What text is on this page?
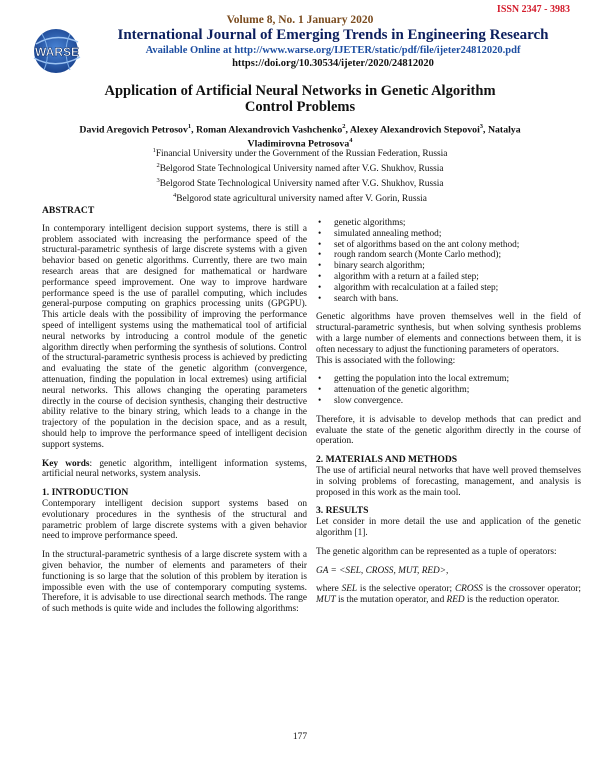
ISSN 2347 - 3983
Volume 8, No. 1 January 2020
WARSE
International Journal of Emerging Trends in Engineering Research
Available Online at http://www.warse.org/IJETER/static/pdf/file/ijeter24812020.pdf
https://doi.org/10.30534/ijeter/2020/24812020
Application of Artificial Neural Networks in Genetic Algorithm
Control Problems
David Aregovich Petrosov$^1$, Roman Alexandrovich Vashchenko$^2$, Alexey Alexandrovich Stepovoi$^3$, Natalya Vladimirovna Petrosova$^4$
$^1$Financial University under the Government of the Russian Federation, Russia
$^2$Belgorod State Technological University named after V.G. Shukhov, Russia
$^3$Belgorod State Technological University named after V.G. Shukhov, Russia
$^4$Belgorod state agricultural university named after V. Gorin, Russia
ABSTRACT

In contemporary intelligent decision support systems, there is still a problem associated with increasing the performance speed of the structural-parametric synthesis of large discrete systems with a given behavior based on genetic algorithms. Currently, there are two main research areas that are designed for mathematical or hardware performance speed improvement. One way to improve hardware performance speed is the use of parallel computing, which includes general-purpose computing on graphics processing units (GPGPU). This article deals with the possibility of improving the performance speed of intelligent systems using the mathematical tool of artificial neural networks by introducing a control module of the genetic algorithm directly when performing the synthesis of solutions. Control of the structural-parametric synthesis process is achieved by predicting and evaluating the state of the genetic algorithm (convergence, attenuation, finding the population in local extremes) using artificial neural networks. This allows changing the operating parameters directly in the course of decision synthesis, changing their destructive ability relative to the binary string, which leads to a change in the trajectory of the population in the decision space, and as a result, should help to improve the performance speed of intelligent decision support systems.

Key words: genetic algorithm, intelligent information systems, artificial neural networks, system analysis.

1. INTRODUCTION

Contemporary intelligent decision support systems based on evolutionary procedures in the synthesis of the structural and parametric problem of large discrete systems with a given behavior need to improve performance speed.

In the structural-parametric synthesis of a large discrete system with a given behavior, the number of elements and parameters of their functioning is so large that the solution of this problem by iteration is impossible even with the use of contemporary computing systems. Therefore, it is advisable to use directional search methods. The range of such methods is quite wide and includes the following algorithms:

• genetic algorithms;
• simulated annealing method;
• set of algorithms based on the ant colony method;
• rough random search (Monte Carlo method);
• binary search algorithm;
• algorithm with a return at a failed step;
• algorithm with recalculation at a failed step;
• search with bans.

Genetic algorithms have proven themselves well in the field of structural-parametric synthesis, but when solving synthesis problems with a large number of elements and connections between them, it is often necessary to adjust the functioning parameters of operators.

This is associated with the following:

• getting the population into the local extremum;
• attenuation of the genetic algorithm;
• slow convergence.

Therefore, it is advisable to develop methods that can predict and evaluate the state of the genetic algorithm directly in the course of operation.

2. MATERIALS AND METHODS

The use of artificial neural networks that have well proved themselves in solving problems of forecasting, management, and analysis is proposed in this work as the main tool.

3. RESULTS

Let consider in more detail the use and application of the genetic algorithm [1].

The genetic algorithm can be represented as a tuple of operators:

GA = <SEL, CROSS, MUT, RED>,

where SEL is the selective operator; CROSS is the crossover operator; MUT is the mutation operator, and RED is the reduction operator.

177
